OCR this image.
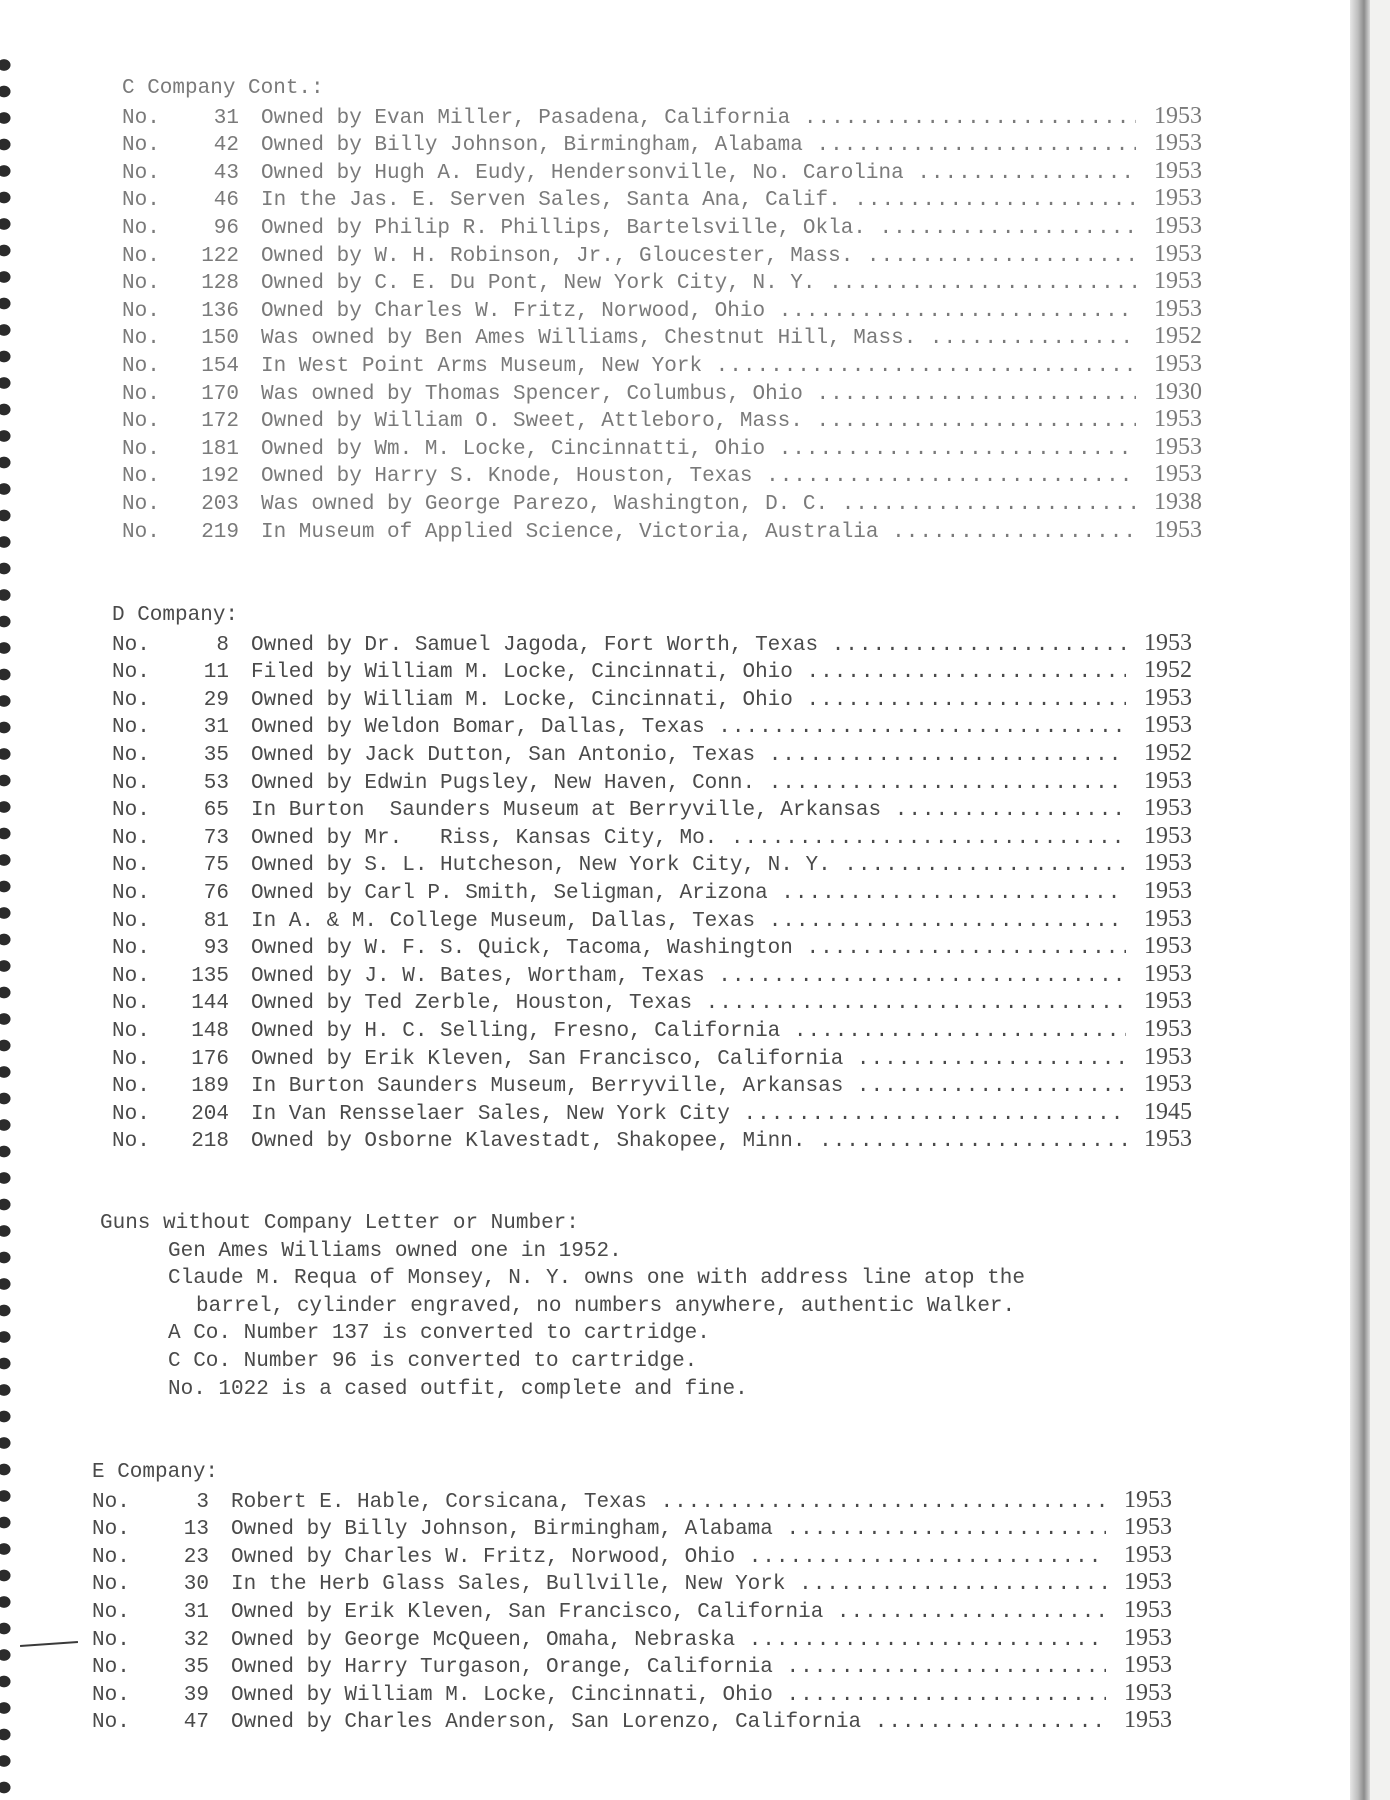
C Company Cont.:
No.	31	Owned by Evan Miller, Pasadena, California .....	1953
No.	42	Owned by Billy Johnson, Birmingham, Alabama .....	1953
No.	43	Owned by Hugh A. Eudy, Hendersonville, No. Carolina .....	1953
No.	46	In the Jas. E. Serven Sales, Santa Ana, Calif. .....	1953
No.	96	Owned by Philip R. Phillips, Bartelsville, Okla. .....	1953
No.	122	Owned by W. H. Robinson, Jr., Gloucester, Mass. .....	1953
No.	128	Owned by C. E. Du Pont, New York City, N. Y. .....	1953
No.	136	Owned by Charles W. Fritz, Norwood, Ohio .....	1953
No.	150	Was owned by Ben Ames Williams, Chestnut Hill, Mass. .....	1952
No.	154	In West Point Arms Museum, New York .....	1953
No.	170	Was owned by Thomas Spencer, Columbus, Ohio .....	1930
No.	172	Owned by William O. Sweet, Attleboro, Mass. .....	1953
No.	181	Owned by Wm. M. Locke, Cincinnatti, Ohio .....	1953
No.	192	Owned by Harry S. Knode, Houston, Texas .....	1953
No.	203	Was owned by George Parezo, Washington, D. C. .....	1938
No.	219	In Museum of Applied Science, Victoria, Australia .....	1953
D Company:
No.	8	Owned by Dr. Samuel Jagoda, Fort Worth, Texas .....	1953
No.	11	Filed by William M. Locke, Cincinnati, Ohio .....	1952
No.	29	Owned by William M. Locke, Cincinnati, Ohio .....	1953
No.	31	Owned by Weldon Bomar, Dallas, Texas .....	1953
No.	35	Owned by Jack Dutton, San Antonio, Texas .....	1952
No.	53	Owned by Edwin Pugsley, New Haven, Conn. .....	1953
No.	65	In Burton  Saunders Museum at Berryville, Arkansas .....	1953
No.	73	Owned by Mr.   Riss, Kansas City, Mo. .....	1953
No.	75	Owned by S. L. Hutcheson, New York City, N. Y. .....	1953
No.	76	Owned by Carl P. Smith, Seligman, Arizona .....	1953
No.	81	In A. & M. College Museum, Dallas, Texas .....	1953
No.	93	Owned by W. F. S. Quick, Tacoma, Washington .....	1953
No.	135	Owned by J. W. Bates, Wortham, Texas .....	1953
No.	144	Owned by Ted Zerble, Houston, Texas .....	1953
No.	148	Owned by H. C. Selling, Fresno, California .....	1953
No.	176	Owned by Erik Kleven, San Francisco, California .....	1953
No.	189	In Burton Saunders Museum, Berryville, Arkansas .....	1953
No.	204	In Van Rensselaer Sales, New York City .....	1945
No.	218	Owned by Osborne Klavestadt, Shakopee, Minn. .....	1953
Guns without Company Letter or Number:
Gen Ames Williams owned one in 1952.
Claude M. Requa of Monsey, N. Y. owns one with address line atop the
barrel, cylinder engraved, no numbers anywhere, authentic Walker.
A Co. Number 137 is converted to cartridge.
C Co. Number 96 is converted to cartridge.
No. 1022 is a cased outfit, complete and fine.
E Company:
No.	3	Robert E. Hable, Corsicana, Texas .....	1953
No.	13	Owned by Billy Johnson, Birmingham, Alabama .....	1953
No.	23	Owned by Charles W. Fritz, Norwood, Ohio .....	1953
No.	30	In the Herb Glass Sales, Bullville, New York .....	1953
No.	31	Owned by Erik Kleven, San Francisco, California .....	1953
No.	32	Owned by George McQueen, Omaha, Nebraska .....	1953
No.	35	Owned by Harry Turgason, Orange, California .....	1953
No.	39	Owned by William M. Locke, Cincinnati, Ohio .....	1953
No.	47	Owned by Charles Anderson, San Lorenzo, California .....	1953
